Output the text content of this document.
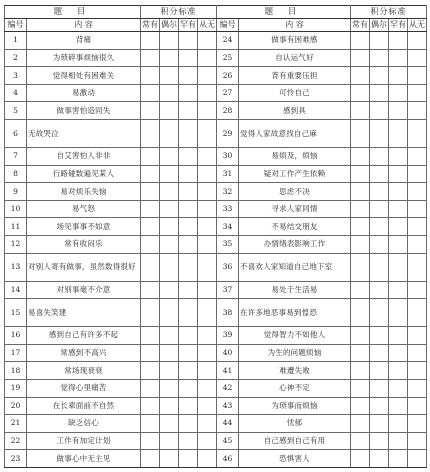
题 目		积分标准				题 目		积分标准			
编号	内 容	常有	偶尔	罕有	从无	编号	内 容	常有	偶尔	罕有	从无
1	背痛					24	做事有困难感				
2	为琐碎事烦恼很久					25	自认运气好				
3	觉得相处有困难关					26	背有重要压担				
4	易激动					27	可怜自己				
5	做事害怕造同失					28	感到具				
6	无故哭泣					29	觉得人家故意找自己麻				
7	自艾害怕人非非					30	易烦及，烦恼				
8	行路碰数遍见某人					31	疑对工作产生依赖				
9	易对烦乐失恼					32	思虑不决				
10	易气怒					33	寻求人家同情				
11	场见事事不如意					34	不易结交朋友				
12	常有收闷乐					35	办情绪表影响工作				
13	对别人寄有做事，虽然数得很好					36	不喜欢人家知道自己地下室				
14	对别事毫不介意					37	易处于生活易				
15	易喜失笑建					38	在许多地恶事易到惶恐				
16	感到自己有许多不起					39	觉得智力不如他人				
17	常感到不高兴					40	为生的问题烦恼				
18	常场现衰衰					41	难遭失败				
19	觉得心里痛苦					42	心神不定				
20	在长辈面前不自然					43	为琐事而烦恼				
21	缺乏信心					44	忧郁				
22	工作有加定计划					45	自己感到自己有用				
23	做事心中无主见					46	恐惧害人				
